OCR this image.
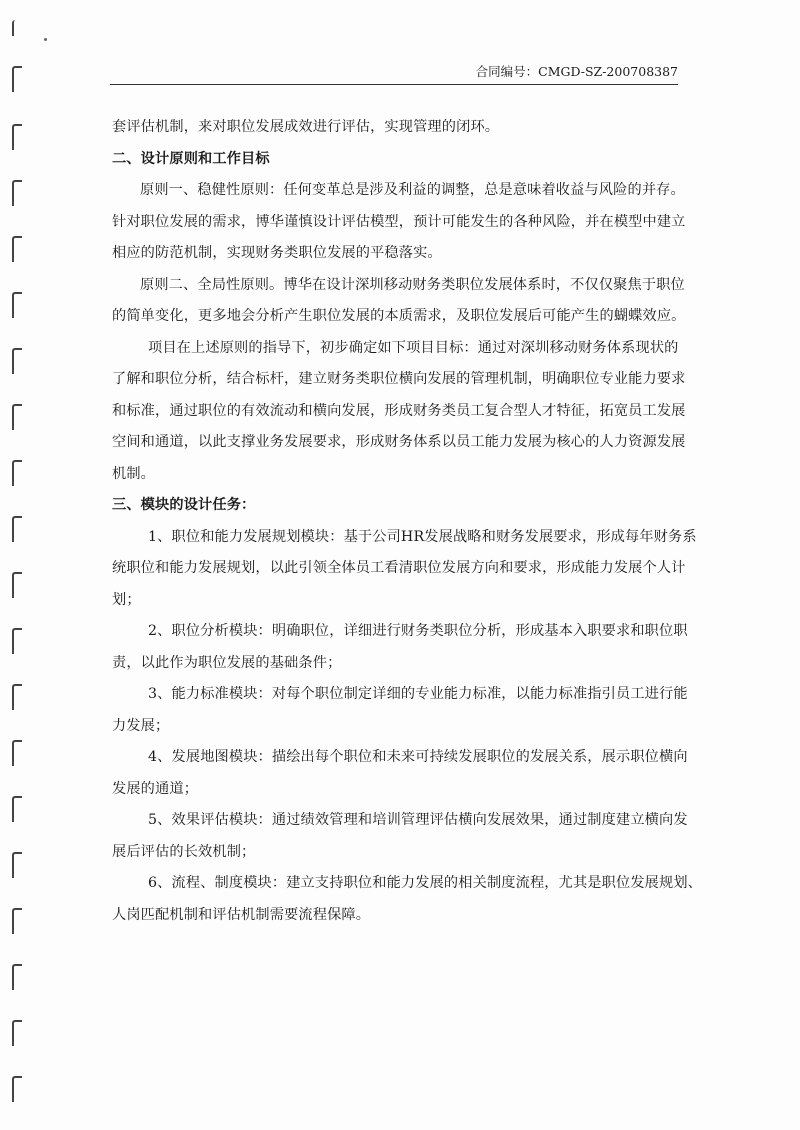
合同编号：CMGD-SZ-200708387
套评估机制，来对职位发展成效进行评估，实现管理的闭环。
二、设计原则和工作目标
原则一、稳健性原则：任何变革总是涉及利益的调整，总是意味着收益与风险的并存。
针对职位发展的需求，博华谨慎设计评估模型，预计可能发生的各种风险，并在模型中建立
相应的防范机制，实现财务类职位发展的平稳落实。
原则二、全局性原则。博华在设计深圳移动财务类职位发展体系时，不仅仅聚焦于职位
的简单变化，更多地会分析产生职位发展的本质需求，及职位发展后可能产生的蝴蝶效应。
项目在上述原则的指导下，初步确定如下项目目标：通过对深圳移动财务体系现状的
了解和职位分析，结合标杆，建立财务类职位横向发展的管理机制，明确职位专业能力要求
和标准，通过职位的有效流动和横向发展，形成财务类员工复合型人才特征，拓宽员工发展
空间和通道，以此支撑业务发展要求，形成财务体系以员工能力发展为核心的人力资源发展
机制。
三、模块的设计任务：
1、职位和能力发展规划模块：基于公司HR发展战略和财务发展要求，形成每年财务系
统职位和能力发展规划，以此引领全体员工看清职位发展方向和要求，形成能力发展个人计
划；
2、职位分析模块：明确职位，详细进行财务类职位分析，形成基本入职要求和职位职
责，以此作为职位发展的基础条件；
3、能力标准模块：对每个职位制定详细的专业能力标准，以能力标准指引员工进行能
力发展；
4、发展地图模块：描绘出每个职位和未来可持续发展职位的发展关系，展示职位横向
发展的通道；
5、效果评估模块：通过绩效管理和培训管理评估横向发展效果，通过制度建立横向发
展后评估的长效机制；
6、流程、制度模块：建立支持职位和能力发展的相关制度流程，尤其是职位发展规划、
人岗匹配机制和评估机制需要流程保障。
